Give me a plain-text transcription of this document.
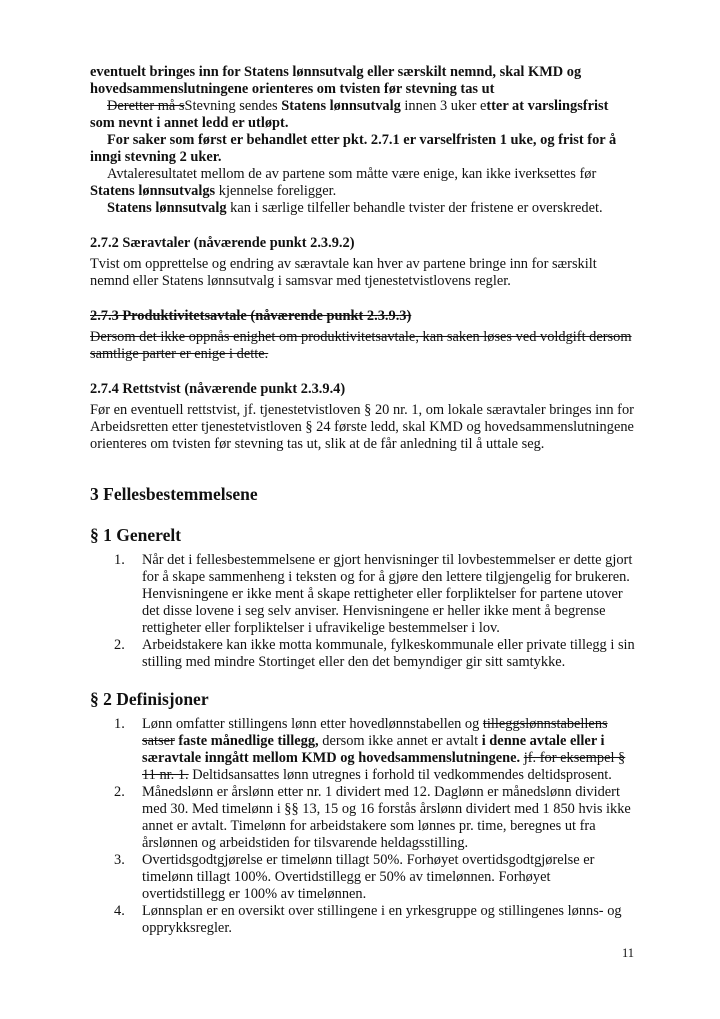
eventuelt bringes inn for Statens lønnsutvalg eller særskilt nemnd, skal KMD og hovedsammenslutningene orienteres om tvisten før stevning tas ut

Deretter må sStevning sendes Statens lønnsutvalg innen 3 uker etter at varslingsfrist som nevnt i annet ledd er utløpt.

For saker som først er behandlet etter pkt. 2.7.1 er varselfristen 1 uke, og frist for å inngi stevning 2 uker.

Avtaleresultatet mellom de av partene som måtte være enige, kan ikke iverksettes før Statens lønnsutvalgs kjennelse foreligger.

Statens lønnsutvalg kan i særlige tilfeller behandle tvister der fristene er overskredet.

2.7.2 Særavtaler (nåværende punkt 2.3.9.2)

Tvist om opprettelse og endring av særavtale kan hver av partene bringe inn for særskilt nemnd eller Statens lønnsutvalg i samsvar med tjenestetvistlovens regler.

2.7.3 Produktivitetsavtale (nåværende punkt 2.3.9.3)

Dersom det ikke oppnås enighet om produktivitetsavtale, kan saken løses ved voldgift dersom samtlige parter er enige i dette.

2.7.4 Rettstvist (nåværende punkt 2.3.9.4)

Før en eventuell rettstvist, jf. tjenestetvistloven § 20 nr. 1, om lokale særavtaler bringes inn for Arbeidsretten etter tjenestetvistloven § 24 første ledd, skal KMD og hovedsammenslutningene orienteres om tvisten før stevning tas ut, slik at de får anledning til å uttale seg.

3 Fellesbestemmelsene
§ 1 Generelt
1. Når det i fellesbestemmelsene er gjort henvisninger til lovbestemmelser er dette gjort for å skape sammenheng i teksten og for å gjøre den lettere tilgjengelig for brukeren. Henvisningene er ikke ment å skape rettigheter eller forpliktelser for partene utover det disse lovene i seg selv anviser. Henvisningene er heller ikke ment å begrense rettigheter eller forpliktelser i ufravikelige bestemmelser i lov.
2. Arbeidstakere kan ikke motta kommunale, fylkeskommunale eller private tillegg i sin stilling med mindre Stortinget eller den det bemyndiger gir sitt samtykke.
§ 2 Definisjoner
1. Lønn omfatter stillingens lønn etter hovedlønnstabellen og tilleggslønnstabellens satser faste månedlige tillegg, dersom ikke annet er avtalt i denne avtale eller i særavtale inngått mellom KMD og hovedsammenslutningene. jf. for eksempel § 11 nr. 1. Deltidsansattes lønn utregnes i forhold til vedkommendes deltidsprosent.
2. Månedslønn er årslønn etter nr. 1 dividert med 12. Daglønn er månedslønn dividert med 30. Med timelønn i §§ 13, 15 og 16 forstås årslønn dividert med 1 850 hvis ikke annet er avtalt. Timelønn for arbeidstakere som lønnes pr. time, beregnes ut fra årslønnen og arbeidstiden for tilsvarende heldagsstilling.
3. Overtidsgodtgjørelse er timelønn tillagt 50%. Forhøyet overtidsgodtgjørelse er timelønn tillagt 100%. Overtidstillegg er 50% av timelønnen. Forhøyet overtidstillegg er 100% av timelønnen.
4. Lønnsplan er en oversikt over stillingene i en yrkesgruppe og stillingenes lønns- og opprykksregler.
11
